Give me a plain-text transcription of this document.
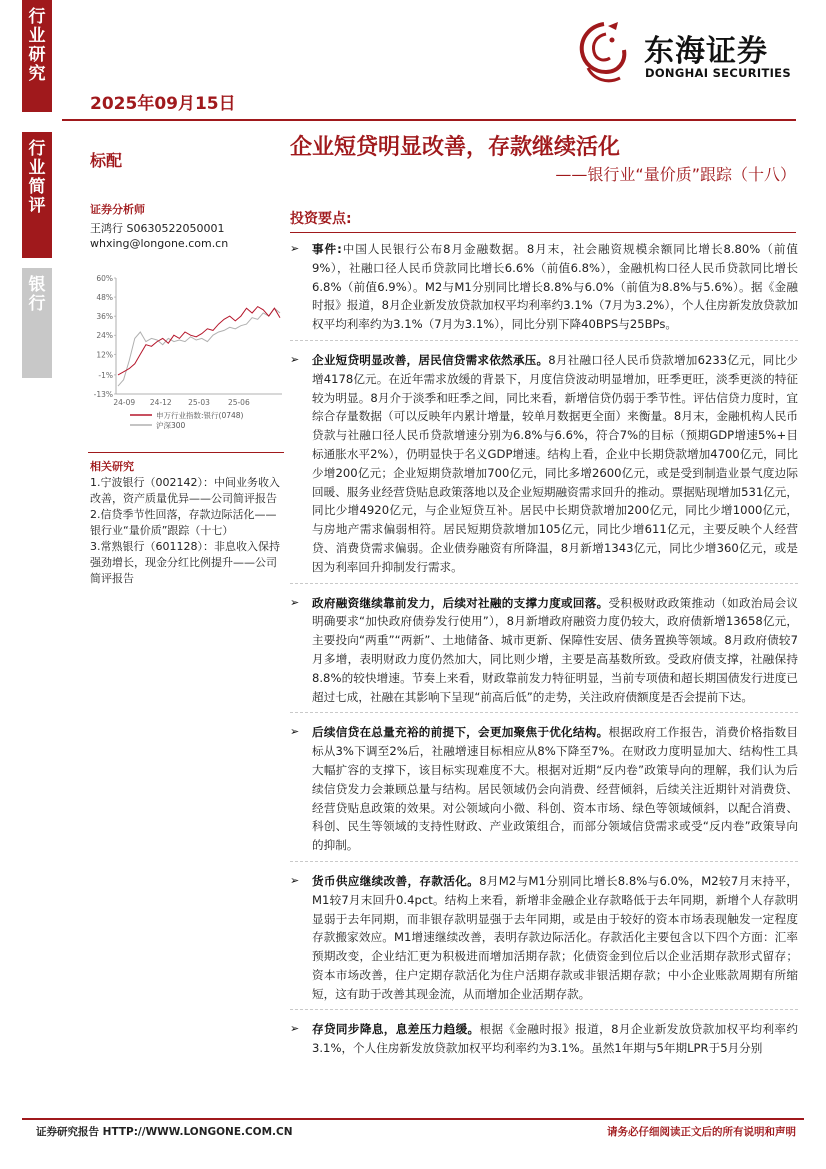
行
业
研
究
行
业
简
评
银
行
2025年09月15日
东海证券
DONGHAI SECURITIES
标配
企业短贷明显改善，存款继续活化
——银行业“量价质”跟踪（十八）
证券分析师
王鸿行 S0630522050001
whxing@longone.com.cn
-13%
-1%
12%
24%
36%
48%
60%
24-09 24-12 25-03 25-06
申万行业指数:银行(0748)
沪深300
相关研究
1.宁波银行（002142）：中间业务收入改善，资产质量优异——公司简评报告
2.信贷季节性回落，存款边际活化——银行业“量价质”跟踪（十七）
3.常熟银行（601128）：非息收入保持强劲增长，现金分红比例提升——公司简评报告
投资要点:
➢ 事件:中国人民银行公布8月金融数据。8月末，社会融资规模余额同比增长8.80%（前值9%），社融口径人民币贷款同比增长6.6%（前值6.8%），金融机构口径人民币贷款同比增长6.8%（前值6.9%）。M2与M1分别同比增长8.8%与6.0%（前值为8.8%与5.6%）。据《金融时报》报道，8月企业新发放贷款加权平均利率约3.1%（7月为3.2%），个人住房新发放贷款加权平均利率约为3.1%（7月为3.1%），同比分别下降40BPS与25BPs。
➢ 企业短贷明显改善，居民信贷需求依然承压。8月社融口径人民币贷款增加6233亿元，同比少增4178亿元。在近年需求放缓的背景下，月度信贷波动明显增加，旺季更旺，淡季更淡的特征较为明显。8月介于淡季和旺季之间，同比来看，新增信贷仍弱于季节性。评估信贷力度时，宜综合存量数据（可以反映年内累计增量，较单月数据更全面）来衡量。8月末，金融机构人民币贷款与社融口径人民币贷款增速分别为6.8%与6.6%，符合7%的目标（预期GDP增速5%+目标通胀水平2%），仍明显快于名义GDP增速。结构上看，企业中长期贷款增加4700亿元，同比少增200亿元；企业短期贷款增加700亿元，同比多增2600亿元，或是受到制造业景气度边际回暖、服务业经营贷贴息政策落地以及企业短期融资需求回升的推动。票据贴现增加531亿元，同比少增4920亿元，与企业短贷互补。居民中长期贷款增加200亿元，同比少增1000亿元，与房地产需求偏弱相符。居民短期贷款增加105亿元，同比少增611亿元，主要反映个人经营贷、消费贷需求偏弱。企业债券融资有所降温，8月新增1343亿元，同比少增360亿元，或是因为利率回升抑制发行需求。
➢ 政府融资继续靠前发力，后续对社融的支撑力度或回落。受积极财政政策推动（如政治局会议明确要求“加快政府债券发行使用”），8月新增政府融资力度仍较大，政府债新增13658亿元，主要投向“两重”“两新”、土地储备、城市更新、保障性安居、债务置换等领域。8月政府债较7月多增，表明财政力度仍然加大，同比则少增，主要是高基数所致。受政府债支撑，社融保持8.8%的较快增速。节奏上来看，财政靠前发力特征明显，当前专项债和超长期国债发行进度已超过七成，社融在其影响下呈现“前高后低”的走势，关注政府债额度是否会提前下达。
➢ 后续信贷在总量充裕的前提下，会更加聚焦于优化结构。根据政府工作报告，消费价格指数目标从3%下调至2%后，社融增速目标相应从8%下降至7%。在财政力度明显加大、结构性工具大幅扩容的支撑下，该目标实现难度不大。根据对近期“反内卷”政策导向的理解，我们认为后续信贷发力会兼顾总量与结构。居民领域仍会向消费、经营倾斜，后续关注近期针对消费贷、经营贷贴息政策的效果。对公领域向小微、科创、资本市场、绿色等领域倾斜，以配合消费、科创、民生等领域的支持性财政、产业政策组合，而部分领域信贷需求或受“反内卷”政策导向的抑制。
➢ 货币供应继续改善，存款活化。8月M2与M1分别同比增长8.8%与6.0%，M2较7月末持平，M1较7月末回升0.4pct。结构上来看，新增非金融企业存款略低于去年同期，新增个人存款明显弱于去年同期，而非银存款明显强于去年同期，或是由于较好的资本市场表现触发一定程度存款搬家效应。M1增速继续改善，表明存款边际活化。存款活化主要包含以下四个方面：汇率预期改变，企业结汇更为积极进而增加活期存款；化债资金到位后以企业活期存款形式留存；资本市场改善，住户定期存款活化为住户活期存款或非银活期存款；中小企业账款周期有所缩短，这有助于改善其现金流，从而增加企业活期存款。
➢ 存贷同步降息，息差压力趋缓。根据《金融时报》报道，8月企业新发放贷款加权平均利率约3.1%，个人住房新发放贷款加权平均利率约为3.1%。虽然1年期与5年期LPR于5月分别
证券研究报告 HTTP://WWW.LONGONE.COM.CN	请务必仔细阅读正文后的所有说明和声明
